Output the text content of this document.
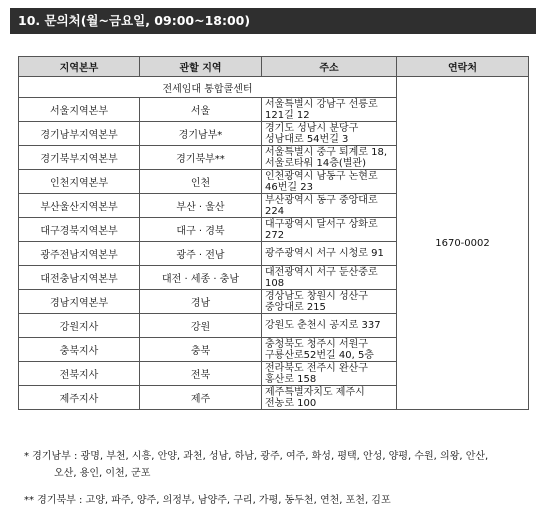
10. 문의처(월~금요일, 09:00~18:00)
지역본부	관할 지역	주소	연락처
전세임대 통합콜센터			1670-0002
서울지역본부	서울	서울특별시 강남구 선릉로
121길 12	

경기남부지역본부	경기남부*	경기도 성남시 분당구
성남대로 54번길 3	

경기북부지역본부	경기북부**	서울특별시 중구 퇴계로 18,
서울로타워 14층(별관)	

인천지역본부	인천	인천광역시 남동구 논현로
46번길 23	

부산울산지역본부	부산 · 울산	부산광역시 동구 중앙대로
224	

대구경북지역본부	대구 · 경북	대구광역시 달서구 상화로
272	

광주전남지역본부	광주 · 전남	광주광역시 서구 시청로 91	

대전충남지역본부	대전 · 세종 · 충남	대전광역시 서구 둔산중로
108	

경남지역본부	경남	경상남도 창원시 성산구
중앙대로 215	

강원지사	강원	강원도 춘천시 공지로 337	

충북지사	충북	충청북도 청주시 서원구
구룡산로52번길 40, 5층	

전북지사	전북	전라북도 전주시 완산구
홍산로 158	

제주지사	제주	제주특별자치도 제주시
전농로 100	
* 경기남부 : 광명, 부천, 시흥, 안양, 과천, 성남, 하남, 광주, 여주, 화성, 평택, 안성, 양평, 수원, 의왕, 안산,
오산, 용인, 이천, 군포
** 경기북부 : 고양, 파주, 양주, 의정부, 남양주, 구리, 가평, 동두천, 연천, 포천, 김포
